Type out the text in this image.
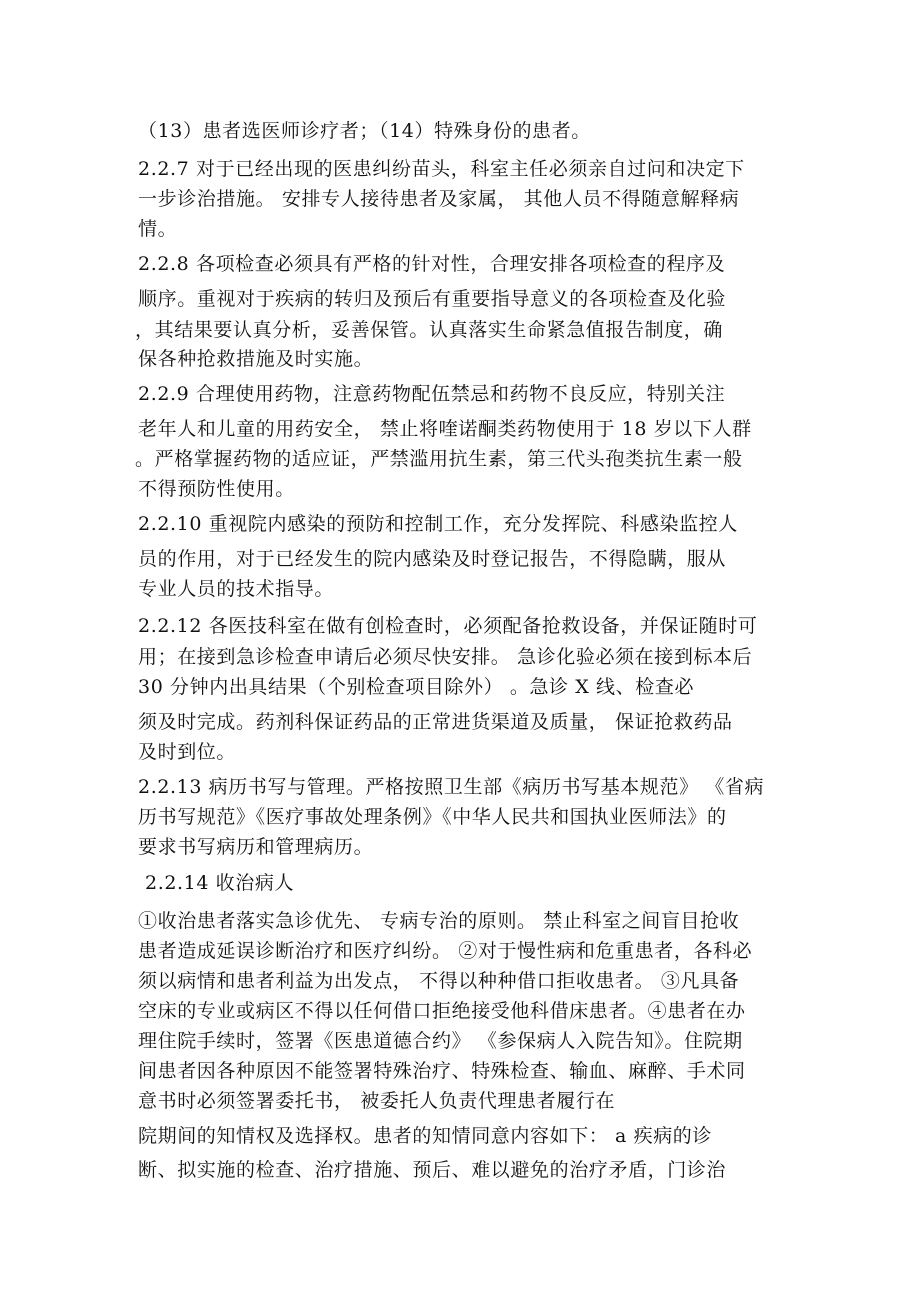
（13）患者选医师诊疗者；（14）特殊身份的患者。
2.2.7 对于已经出现的医患纠纷苗头，科室主任必须亲自过问和决定下
一步诊治措施。 安排专人接待患者及家属， 其他人员不得随意解释病
情。
2.2.8 各项检查必须具有严格的针对性，合理安排各项检查的程序及
顺序。重视对于疾病的转归及预后有重要指导意义的各项检查及化验
，其结果要认真分析，妥善保管。认真落实生命紧急值报告制度，确
保各种抢救措施及时实施。
2.2.9 合理使用药物，注意药物配伍禁忌和药物不良反应，特别关注
老年人和儿童的用药安全， 禁止将喹诺酮类药物使用于 18 岁以下人群
。严格掌握药物的适应证，严禁滥用抗生素，第三代头孢类抗生素一般
不得预防性使用。
2.2.10 重视院内感染的预防和控制工作，充分发挥院、科感染监控人
员的作用，对于已经发生的院内感染及时登记报告，不得隐瞒，服从
专业人员的技术指导。
2.2.12 各医技科室在做有创检查时，必须配备抢救设备，并保证随时可
用；在接到急诊检查申请后必须尽快安排。 急诊化验必须在接到标本后
30 分钟内出具结果（个别检查项目除外） 。急诊 X 线、检查必
须及时完成。药剂科保证药品的正常进货渠道及质量， 保证抢救药品
及时到位。
2.2.13 病历书写与管理。严格按照卫生部《病历书写基本规范》 《省病
历书写规范》《医疗事故处理条例》《中华人民共和国执业医师法》的
要求书写病历和管理病历。
2.2.14 收治病人
①收治患者落实急诊优先、 专病专治的原则。 禁止科室之间盲目抢收
患者造成延误诊断治疗和医疗纠纷。 ②对于慢性病和危重患者，各科必
须以病情和患者利益为出发点， 不得以种种借口拒收患者。 ③凡具备
空床的专业或病区不得以任何借口拒绝接受他科借床患者。④患者在办
理住院手续时，签署《医患道德合约》 《参保病人入院告知》。住院期
间患者因各种原因不能签署特殊治疗、特殊检查、输血、麻醉、手术同
意书时必须签署委托书， 被委托人负责代理患者履行在
院期间的知情权及选择权。患者的知情同意内容如下： a 疾病的诊
断、拟实施的检查、治疗措施、预后、难以避免的治疗矛盾，门诊治
